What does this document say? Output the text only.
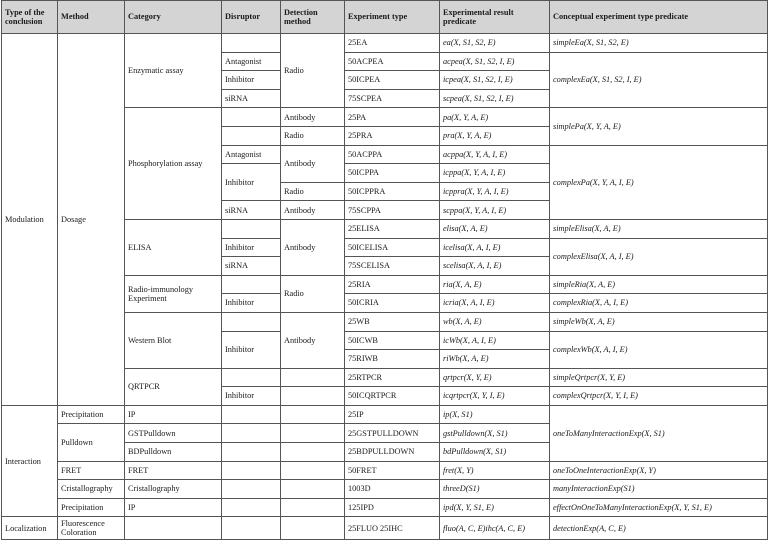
Type of the conclusion	Method	Category	Disruptor	Detection method	Experiment type	Experimental result predicate	Conceptual experiment type predicate
Modulation	Dosage	Enzymatic assay		Radio	25EA	ea(X, S1, S2, E)	simpleEa(X, S1, S2, E)
			Antagonist		50ACPEA	acpea(X, S1, S2, I, E)	complexEa(X, S1, S2, I, E)
			Inhibitor		50ICPEA	icpea(X, S1, S2, I, E)	
			siRNA		75SCPEA	scpea(X, S1, S2, I, E)	
		Phosphorylation assay		Antibody	25PA	pa(X, Y, A, E)	simplePa(X, Y, A, E)
				Radio	25PRA	pra(X, Y, A, E)	
			Antagonist	Antibody	50ACPPA	acppa(X, Y, A, I, E)	complexPa(X, Y, A, I, E)
			Inhibitor		50ICPPA	icppa(X, Y, A, I, E)	
				Radio	50ICPPRA	icppra(X, Y, A, I, E)	
			siRNA	Antibody	75SCPPA	scppa(X, Y, A, I, E)	
		ELISA		Antibody	25ELISA	elisa(X, A, E)	simpleElisa(X, A, E)
			Inhibitor		50ICELISA	icelisa(X, A, I, E)	complexElisa(X, A, I, E)
			siRNA		75SCELISA	scelisa(X, A, I, E)	
		Radio-immunology Experiment		Radio	25RIA	ria(X, A, E)	simpleRia(X, A, E)
			Inhibitor		50ICRIA	icria(X, A, I, E)	complexRia(X, A, I, E)
		Western Blot		Antibody	25WB	wb(X, A, E)	simpleWb(X, A, E)
			Inhibitor		50ICWB	icWb(X, A, I, E)	complexWb(X, A, I, E)
					75RIWB	riWb(X, A, E)	
		QRTPCR			25RTPCR	qrtpcr(X, Y, E)	simpleQrtpcr(X, Y, E)
			Inhibitor		50ICQRTPCR	icqrtpcr(X, Y, I, E)	complexQrtpcr(X, Y, I, E)
Interaction	Precipitation	IP			25IP	ip(X, S1)	oneToManyInteractionExp(X, S1)
	Pulldown	GSTPulldown			25GSTPULLDOWN	gstPulldown(X, S1)	
		BDPulldown			25BDPULLDOWN	bdPulldown(X, S1)	
	FRET	FRET			50FRET	fret(X, Y)	oneToOneInteractionExp(X, Y)
	Cristallography	Cristallography			1003D	threeD(S1)	manyInteractionExp(S1)
	Precipitation	IP			125IPD	ipd(X, Y, S1, E)	effectOnOneToManyInteractionExp(X, Y, S1, E)
Localization	Fluorescence Coloration				25FLUO 25IHC	fluo(A, C, E)ihc(A, C, E)	detectionExp(A, C, E)
